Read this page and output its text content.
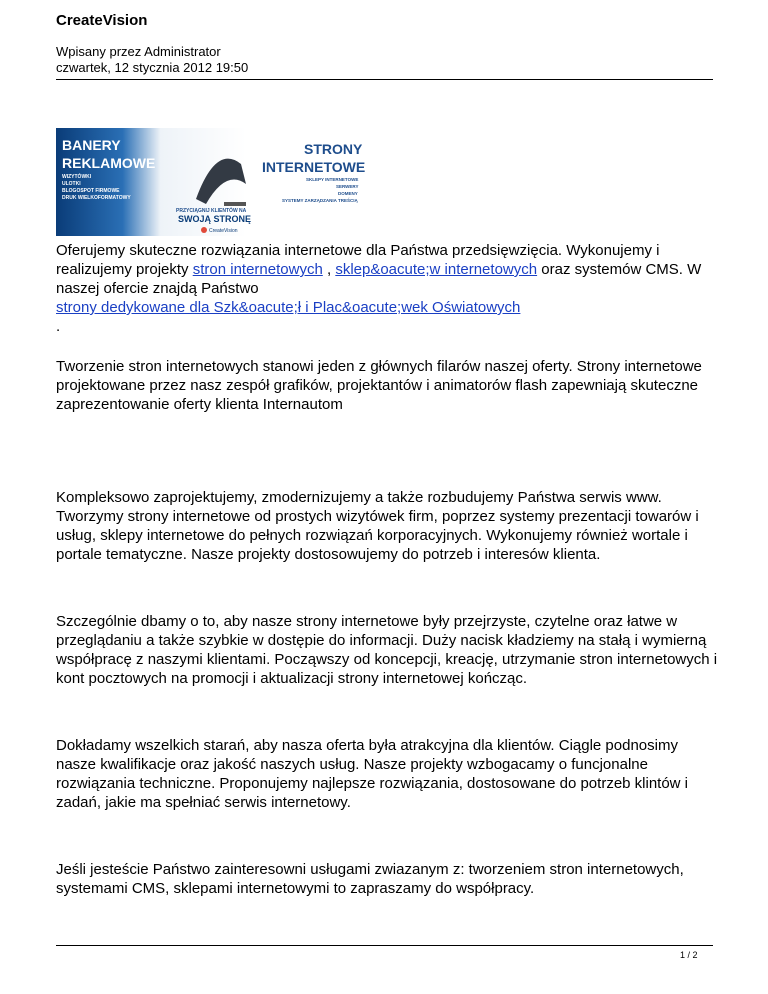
CreateVision
Wpisany przez Administrator
czwartek, 12 stycznia 2012 19:50
BANERY
REKLAMOWE
WIZYTÓWKI
ULOTKI
BLOGOSPOT FIRMOWE
DRUK WIELKOFORMATOWY
PRZYCIĄGNIJ KLIENTÓW NA
SWOJĄ STRONĘ
CreateVision
STRONY
INTERNETOWE
SKLEPY INTERNETOWE
SERWERY
DOMENY
SYSTEMY ZARZĄDZANIA TREŚCIĄ

Oferujemy skuteczne rozwiązania internetowe dla Państwa przedsięwzięcia. Wykonujemy i realizujemy projekty stron internetowych , sklep&oacute;w internetowych oraz systemów CMS. W naszej ofercie znajdą Państwo
strony dedykowane dla Szk&oacute;ł i Plac&oacute;wek Oświatowych
.

Tworzenie stron internetowych stanowi jeden z głównych filarów naszej oferty. Strony internetowe projektowane przez nasz zespół grafików, projektantów i animatorów flash zapewniają skuteczne zaprezentowanie oferty klienta Internautom

Kompleksowo zaprojektujemy, zmodernizujemy a także rozbudujemy Państwa serwis www. Tworzymy strony internetowe od prostych wizytówek firm, poprzez systemy prezentacji towarów i usług, sklepy internetowe do pełnych rozwiązań korporacyjnych. Wykonujemy również wortale i portale tematyczne. Nasze projekty dostosowujemy do potrzeb i interesów klienta.

Szczególnie dbamy o to, aby nasze strony internetowe były przejrzyste, czytelne oraz łatwe w przeglądaniu a także szybkie w dostępie do informacji. Duży nacisk kładziemy na stałą i wymierną współpracę z naszymi klientami. Począwszy od koncepcji, kreację, utrzymanie stron internetowych i kont pocztowych na promocji i aktualizacji strony internetowej kończąc.

Dokładamy wszelkich starań, aby nasza oferta była atrakcyjna dla klientów. Ciągle podnosimy nasze kwalifikacje oraz jakość naszych usług. Nasze projekty wzbogacamy o funcjonalne rozwiązania techniczne. Proponujemy najlepsze rozwiązania, dostosowane do potrzeb klintów i zadań, jakie ma spełniać serwis internetowy.

Jeśli jesteście Państwo zainteresowni usługami zwiazanym z: tworzeniem stron internetowych, systemami CMS, sklepami internetowymi to zapraszamy do współpracy.

1 / 2
